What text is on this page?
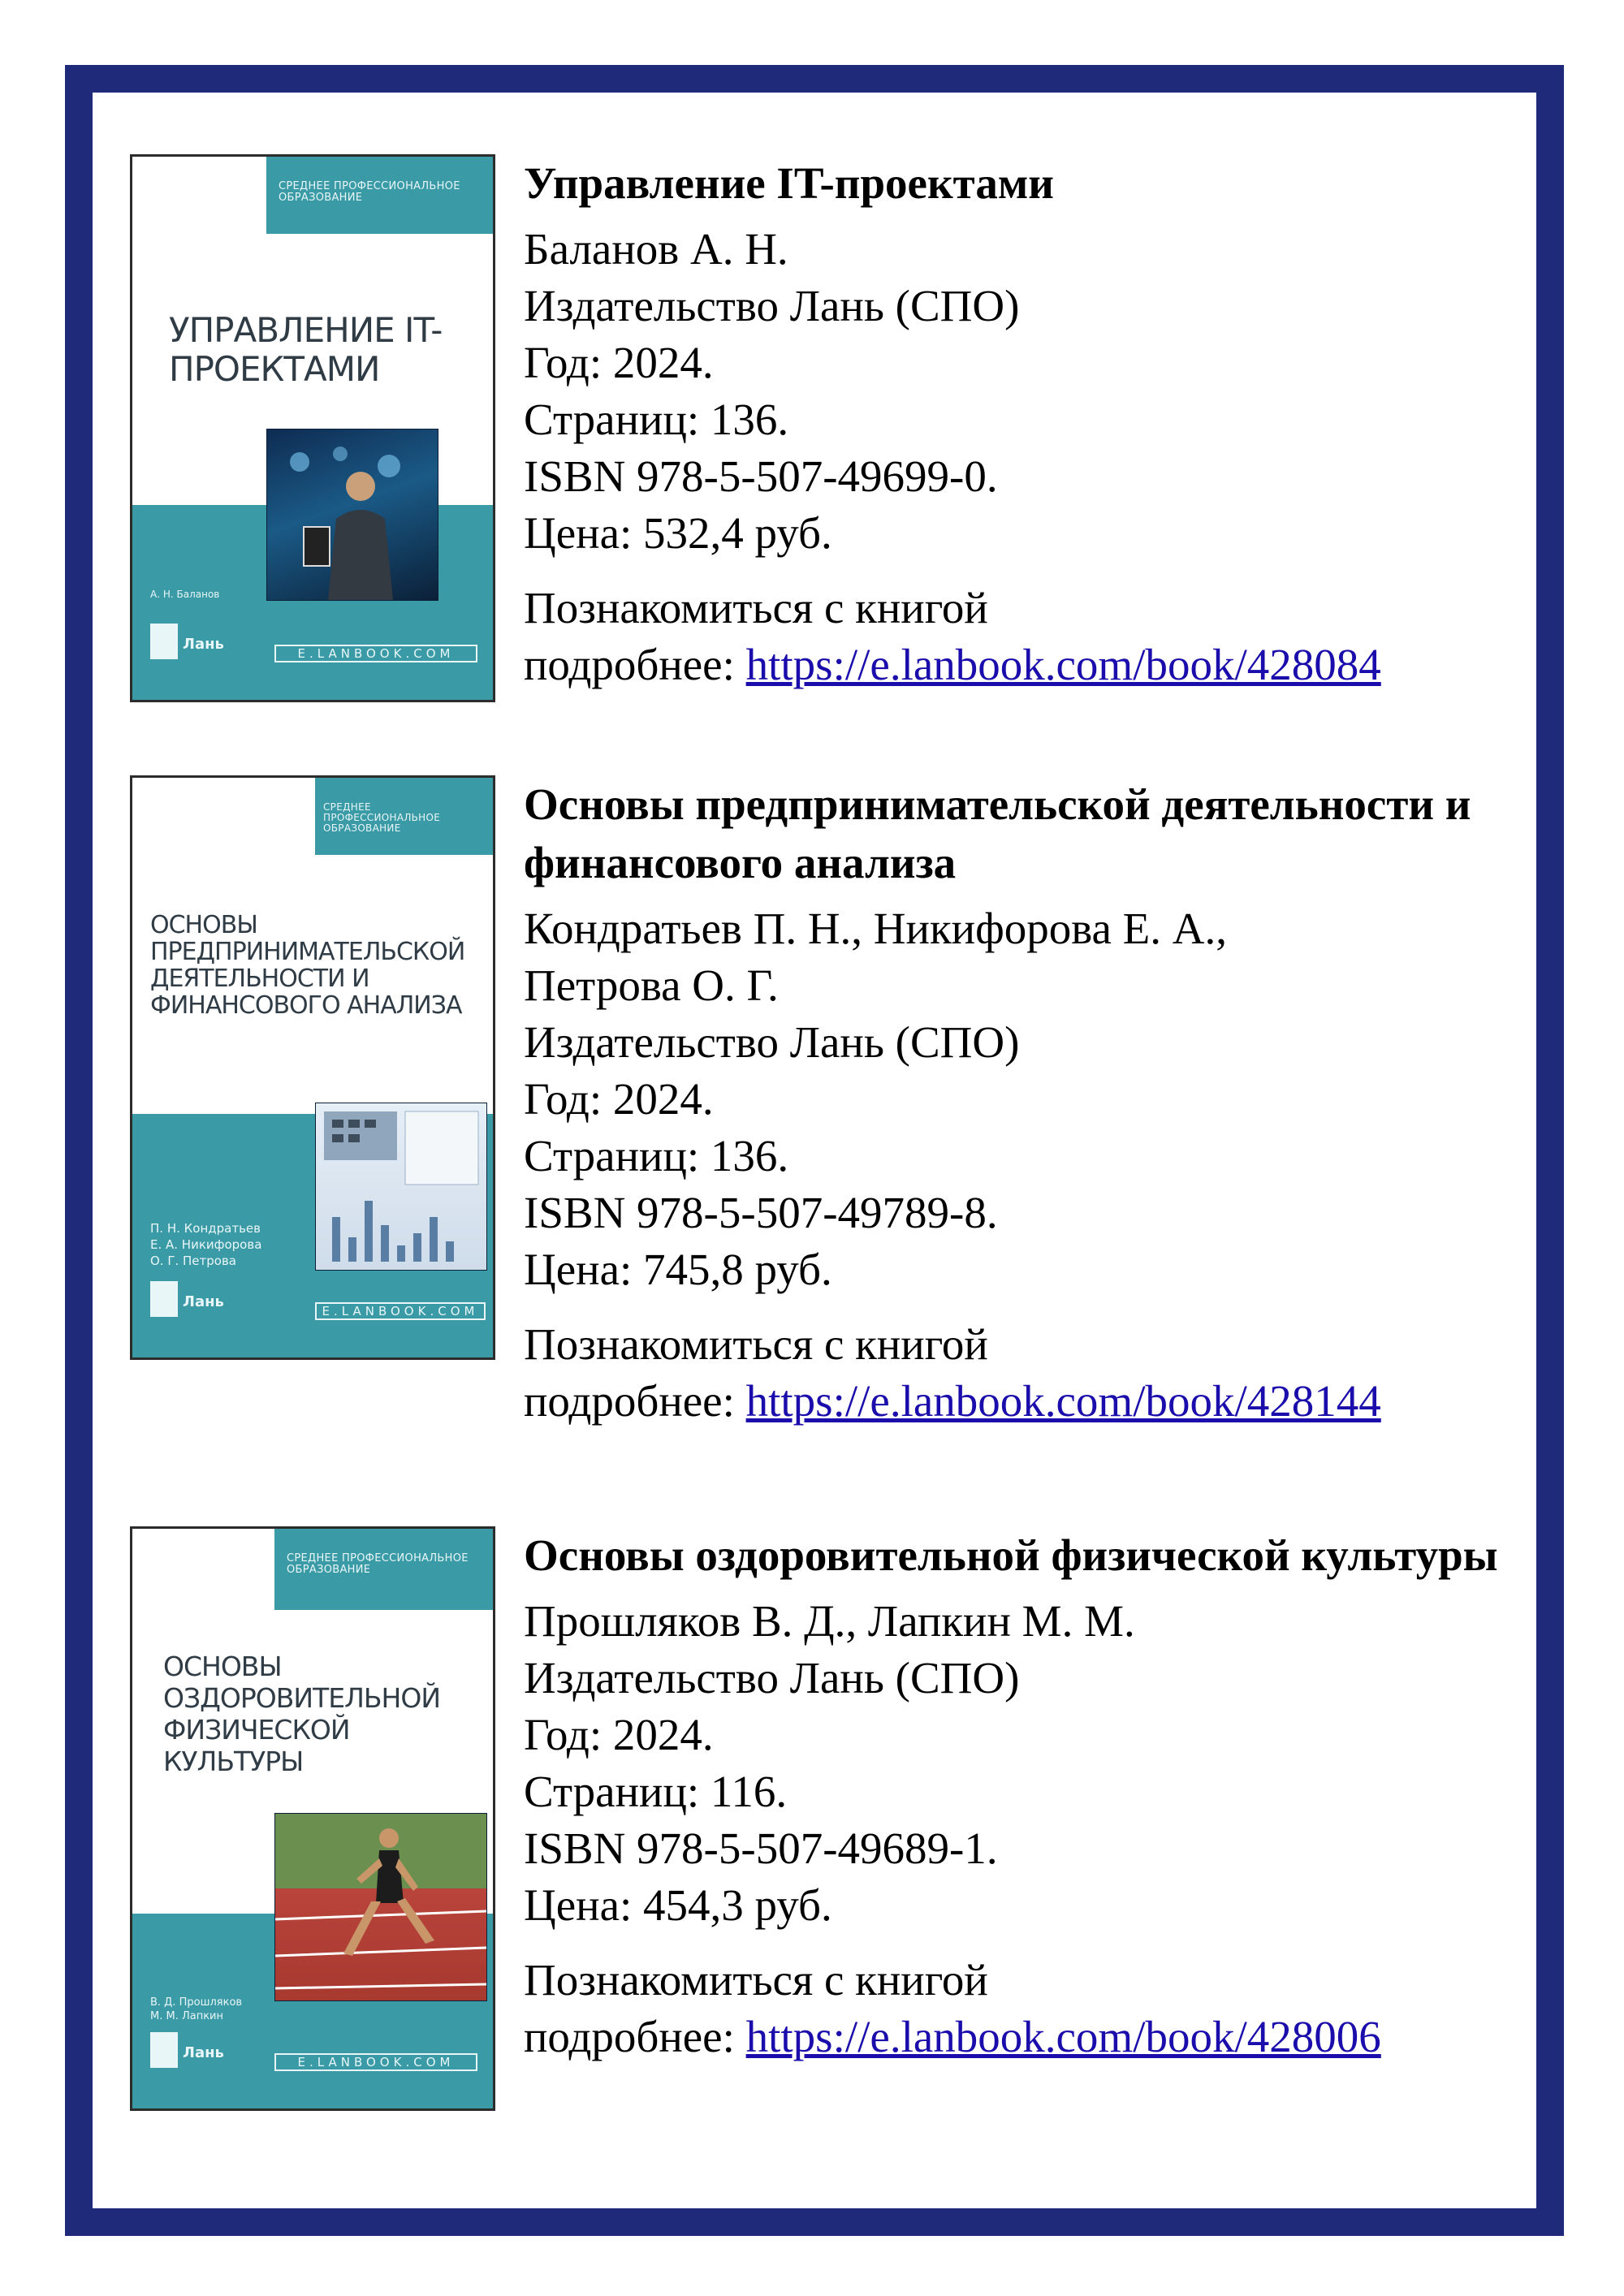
СРЕДНЕЕ ПРОФЕССИОНАЛЬНОЕ ОБРАЗОВАНИЕ
УПРАВЛЕНИЕ IT-ПРОЕКТАМИ
А. Н. Баланов
Лань
E.LANBOOK.COM

Управление IT-проектами

Баланов А. Н.

Издательство Лань (СПО)

Год: 2024.

Страниц: 136.

ISBN 978-5-507-49699-0.

Цена: 532,4 руб.

Познакомиться с книгой

подробнее: https://e.lanbook.com/book/428084

СРЕДНЕЕ ПРОФЕССИОНАЛЬНОЕ ОБРАЗОВАНИЕ
ОСНОВЫ ПРЕДПРИНИМАТЕЛЬСКОЙ ДЕЯТЕЛЬНОСТИ И ФИНАНСОВОГО АНАЛИЗА
П. Н. Кондратьев
Е. А. Никифорова
О. Г. Петрова
Лань
E.LANBOOK.COM

Основы предпринимательской деятельности и финансового анализа

Кондратьев П. Н., Никифорова Е. А.,

Петрова О. Г.

Издательство Лань (СПО)

Год: 2024.

Страниц: 136.

ISBN 978-5-507-49789-8.

Цена: 745,8 руб.

Познакомиться с книгой

подробнее: https://e.lanbook.com/book/428144

СРЕДНЕЕ ПРОФЕССИОНАЛЬНОЕ ОБРАЗОВАНИЕ
ОСНОВЫ ОЗДОРОВИТЕЛЬНОЙ ФИЗИЧЕСКОЙ КУЛЬТУРЫ
В. Д. Прошляков
М. М. Лапкин
Лань
E.LANBOOK.COM

Основы оздоровительной физической культуры

Прошляков В. Д., Лапкин М. М.

Издательство Лань (СПО)

Год: 2024.

Страниц: 116.

ISBN 978-5-507-49689-1.

Цена: 454,3 руб.

Познакомиться с книгой

подробнее: https://e.lanbook.com/book/428006
